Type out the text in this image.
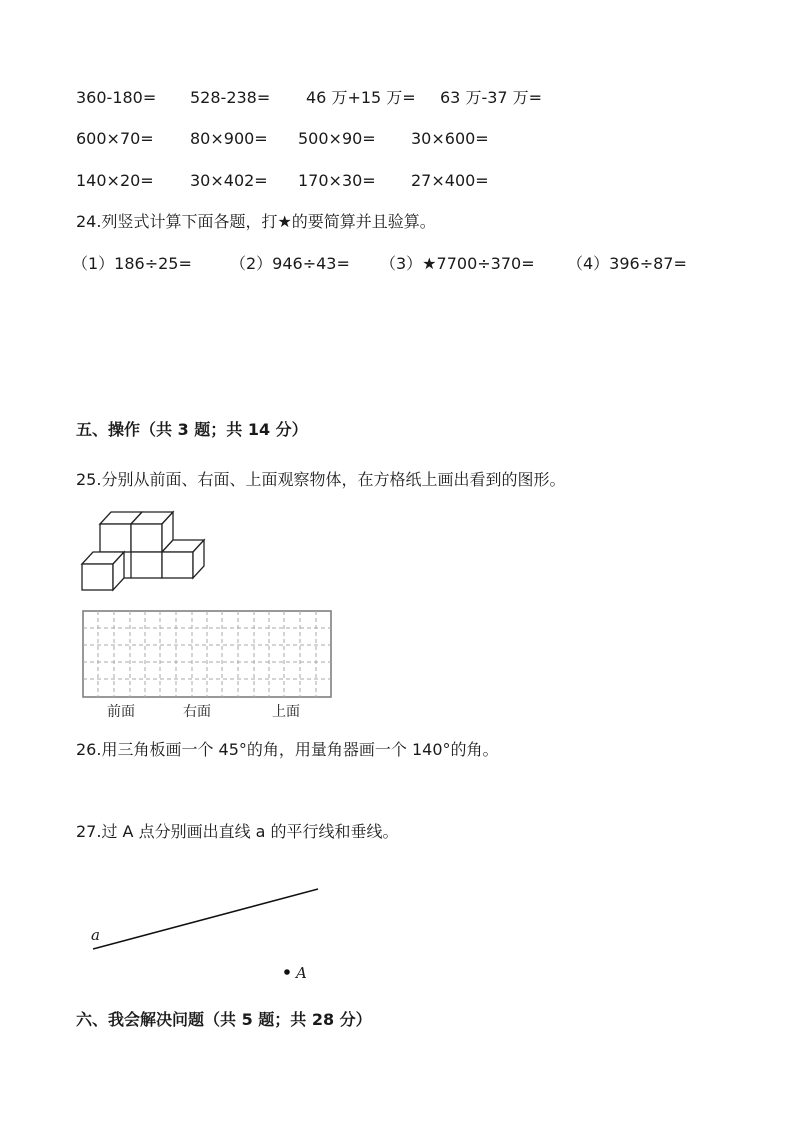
360-180= 528-238= 46 万+15 万= 63 万-37 万=
600×70= 80×900= 500×90= 30×600=
140×20= 30×402= 170×30= 27×400=
24.列竖式计算下面各题，打★的要简算并且验算。
（1）186÷25= （2）946÷43= （3）★7700÷370= （4）396÷87=
五、操作（共 3 题；共 14 分）
25.分别从前面、右面、上面观察物体，在方格纸上画出看到的图形。
前面	右面	上面
26.用三角板画一个 45°的角，用量角器画一个 140°的角。
27.过 A 点分别画出直线 a 的平行线和垂线。
a
A
六、我会解决问题（共 5 题；共 28 分）
